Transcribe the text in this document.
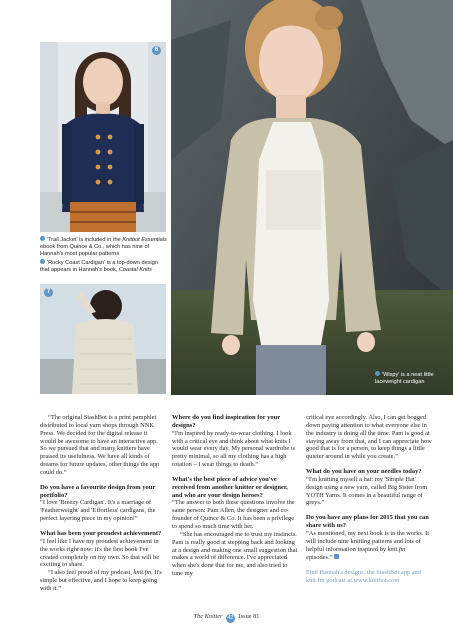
'Wispy' is a neat little laceweight cardigan
6
'Trail Jacket' is included in the Knitbot Essentials ebook from Quince & Co., which has nine of Hannah's most popular patterns
'Rocky Coast Cardigan' is a top-down design that appears in Hannah's book, Coastal Knits
7

“The original StashBot is a print pamphlet distributed to local yarn shops through NNK Press. We decided for the digital release it would be awesome to have an interactive app. So we pursued that and many knitters have praised its usefulness. We have all kinds of dreams for future updates, other things the app could do.”

Do you have a favourite design from your portfolio?

“I love 'Breezy Cardigan'. It's a marriage of 'Featherweight' and 'Effortless' cardigans, the perfect layering piece in my opinion!”

What has been your proudest achievement?

“I feel like I have my proudest achievement in the works right now: it's the first book I've created completely on my own. So that will be exciting to share.

“I also feel proud of my podcast, knit.fm. It's simple but effective, and I hope to keep going with it.”

Where do you find inspiration for your designs?

“I'm inspired by ready-to-wear clothing. I look with a critical eye and think about what knits I would wear every day. My personal wardrobe is pretty minimal, so all my clothing has a high rotation – I wear things to death.”

What's the best piece of advice you've received from another knitter or designer, and who are your design heroes?

“The answer to both these questions involve the same person: Pam Allen, the designer and co-founder of Quince & Co. It has been a privilege to spend so much time with her.

“She has encouraged me to trust my instincts. Pam is really good at stepping back and looking at a design and making one small suggestion that makes a world of difference. I've appreciated when she's done that for me, and also tried to tune my

critical eye accordingly. Also, I can get bogged down paying attention to what everyone else in the industry is doing all the time. Pam is good at staying away from that, and I can appreciate how good that is for a person, to keep things a little quieter around in while you create.”

What do you have on your needles today?

“I'm knitting myself a hat: my 'Simple Hat' design using a new yarn, called Big Sister from YOTH Yarns. It comes in a beautiful range of greys.”

Do you have any plans for 2015 that you can share with us?

“As mentioned, my next book is in the works. It will include nine knitting patterns and lots of helpful information inspired by knit.fm episodes.”

Find Hannah's designs, the StashBot app and knit.fm podcast at www.knitbot.com

The Knitter 42 Issue 81
